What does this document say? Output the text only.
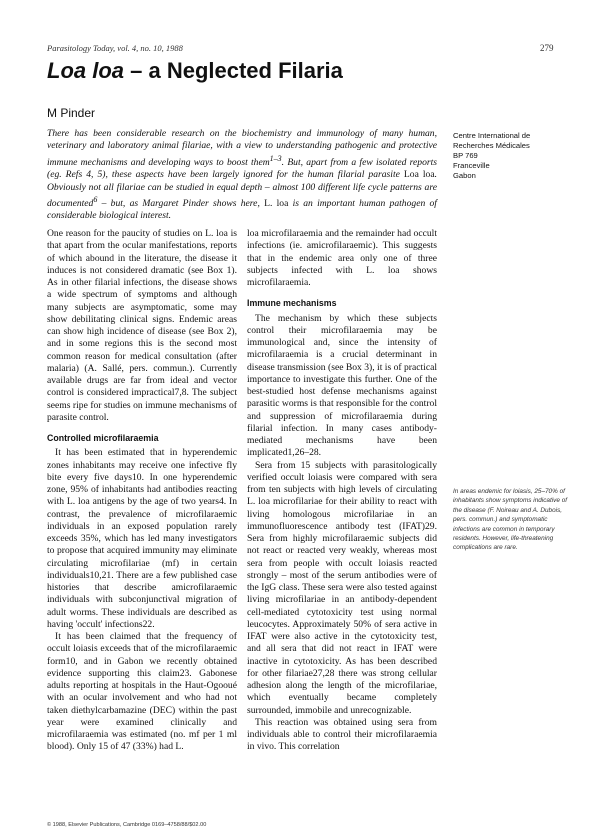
Parasitology Today, vol. 4, no. 10, 1988	279
Loa loa – a Neglected Filaria
M Pinder
There has been considerable research on the biochemistry and immunology of many human, veterinary and laboratory animal filariae, with a view to understanding pathogenic and protective immune mechanisms and developing ways to boost them$^{1-3}$. But, apart from a few isolated reports (eg. Refs 4, 5), these aspects have been largely ignored for the human filarial parasite Loa loa. Obviously not all filariae can be studied in equal depth – almost 100 different life cycle patterns are documented$^6$ – but, as Margaret Pinder shows here, L. loa is an important human pathogen of considerable biological interest.
Centre International de
Recherches Médicales
BP 769
Franceville
Gabon

One reason for the paucity of studies on L. loa is that apart from the ocular manifestations, reports of which abound in the literature, the disease it induces is not considered dramatic (see Box 1). As in other filarial infections, the disease shows a wide spectrum of symptoms and although many subjects are asymptomatic, some may show debilitating clinical signs. Endemic areas can show high incidence of disease (see Box 2), and in some regions this is the second most common reason for medical consultation (after malaria) (A. Sallé, pers. commun.). Currently available drugs are far from ideal and vector control is considered impractical7,8. The subject seems ripe for studies on immune mechanisms of parasite control.

Controlled microfilaraemia

It has been estimated that in hyperendemic zones inhabitants may receive one infective fly bite every five days10. In one hyperendemic zone, 95% of inhabitants had antibodies reacting with L. loa antigens by the age of two years4. In contrast, the prevalence of microfilaraemic individuals in an exposed population rarely exceeds 35%, which has led many investigators to propose that acquired immunity may eliminate circulating microfilariae (mf) in certain individuals10,21. There are a few published case histories that describe amicrofilaraemic individuals with subconjunctival migration of adult worms. These individuals are described as having 'occult' infections22.

It has been claimed that the frequency of occult loiasis exceeds that of the microfilaraemic form10, and in Gabon we recently obtained evidence supporting this claim23. Gabonese adults reporting at hospitals in the Haut-Ogooué with an ocular involvement and who had not taken diethylcarbamazine (DEC) within the past year were examined clinically and microfilaraemia was estimated (no. mf per 1 ml blood). Only 15 of 47 (33%) had L.

loa microfilaraemia and the remainder had occult infections (ie. amicrofilaraemic). This suggests that in the endemic area only one of three subjects infected with L. loa shows microfilaraemia.

Immune mechanisms

The mechanism by which these subjects control their microfilaraemia may be immunological and, since the intensity of microfilaraemia is a crucial determinant in disease transmission (see Box 3), it is of practical importance to investigate this further. One of the best-studied host defense mechanisms against parasitic worms is that responsible for the control and suppression of microfilaraemia during filarial infection. In many cases antibody-mediated mechanisms have been implicated1,26–28.

Sera from 15 subjects with parasitologically verified occult loiasis were compared with sera from ten subjects with high levels of circulating L. loa microfilariae for their ability to react with living homologous microfilariae in an immunofluorescence antibody test (IFAT)29. Sera from highly microfilaraemic subjects did not react or reacted very weakly, whereas most sera from people with occult loiasis reacted strongly – most of the serum antibodies were of the IgG class. These sera were also tested against living microfilariae in an antibody-dependent cell-mediated cytotoxicity test using normal leucocytes. Approximately 50% of sera active in IFAT were also active in the cytotoxicity test, and all sera that did not react in IFAT were inactive in cytotoxicity. As has been described for other filariae27,28 there was strong cellular adhesion along the length of the microfilariae, which eventually became completely surrounded, immobile and unrecognizable.

This reaction was obtained using sera from individuals able to control their microfilaraemia in vivo. This correlation

In areas endemic for loiasis, 25–70% of inhabitants show symptoms indicative of the disease (F. Noireau and A. Dubois, pers. commun.) and symptomatic infections are common in temporary residents. However, life-threatening complications are rare.
© 1988, Elsevier Publications, Cambridge 0169–4758/88/$02.00
